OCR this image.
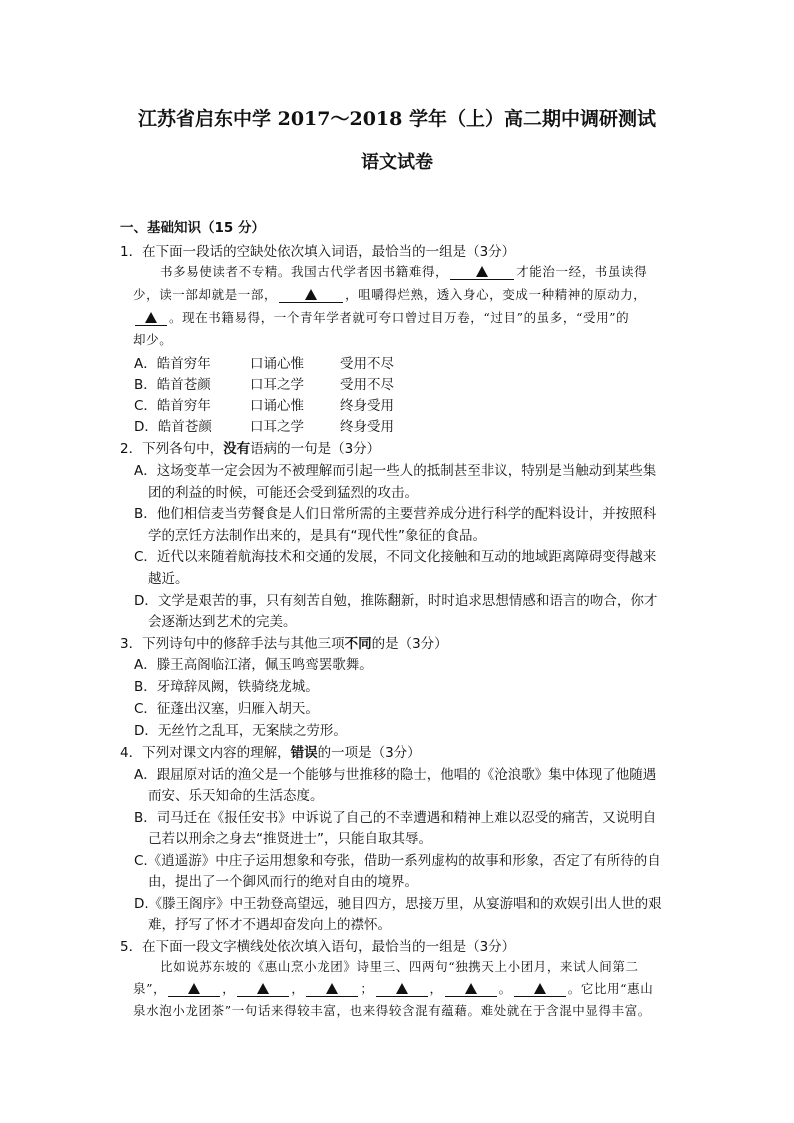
江苏省启东中学 2017～2018 学年（上）高二期中调研测试
语文试卷
一、基础知识（15 分）
1．在下面一段话的空缺处依次填入词语，最恰当的一组是（3分）
书多易使读者不专精。我国古代学者因书籍难得，	才能治一经，书虽读得
少，读一部却就是一部，	，咀嚼得烂熟，透入身心，变成一种精神的原动力，
。现在书籍易得，一个青年学者就可夸口曾过目万卷，“过目”的虽多，“受用”的
却少。
A．皓首穷年	口诵心惟	受用不尽
B．皓首苍颜	口耳之学	受用不尽
C．皓首穷年	口诵心惟	终身受用
D．皓首苍颜	口耳之学	终身受用
2．下列各句中，没有语病的一句是（3分）
A．这场变革一定会因为不被理解而引起一些人的抵制甚至非议，特别是当触动到某些集
团的利益的时候，可能还会受到猛烈的攻击。
B．他们相信麦当劳餐食是人们日常所需的主要营养成分进行科学的配料设计，并按照科
学的烹饪方法制作出来的，是具有“现代性”象征的食品。
C．近代以来随着航海技术和交通的发展，不同文化接触和互动的地域距离障碍变得越来
越近。
D．文学是艰苦的事，只有刻苦自勉，推陈翻新，时时追求思想情感和语言的吻合，你才
会逐渐达到艺术的完美。
3．下列诗句中的修辞手法与其他三项不同的是（3分）
A．滕王高阁临江渚，佩玉鸣鸾罢歌舞。
B．牙璋辞凤阙，铁骑绕龙城。
C．征蓬出汉塞，归雁入胡天。
D．无丝竹之乱耳，无案牍之劳形。
4．下列对课文内容的理解，错误的一项是（3分）
A．跟屈原对话的渔父是一个能够与世推移的隐士，他唱的《沧浪歌》集中体现了他随遇
而安、乐天知命的生活态度。
B．司马迁在《报任安书》中诉说了自己的不幸遭遇和精神上难以忍受的痛苦，又说明自
己若以刑余之身去“推贤进士”，只能自取其辱。
C.《逍遥游》中庄子运用想象和夸张，借助一系列虚构的故事和形象，否定了有所待的自
由，提出了一个御风而行的绝对自由的境界。
D.《滕王阁序》中王勃登高望远，驰目四方，思接万里，从宴游唱和的欢娱引出人世的艰
难，抒写了怀才不遇却奋发向上的襟怀。
5．在下面一段文字横线处依次填入语句，最恰当的一组是（3分）
比如说苏东坡的《惠山烹小龙团》诗里三、四两句“独携天上小团月，来试人间第二
泉”，	，	，	；	，	。	。它比用“惠山
泉水泡小龙团茶”一句话来得较丰富，也来得较含混有蕴藉。难处就在于含混中显得丰富。
